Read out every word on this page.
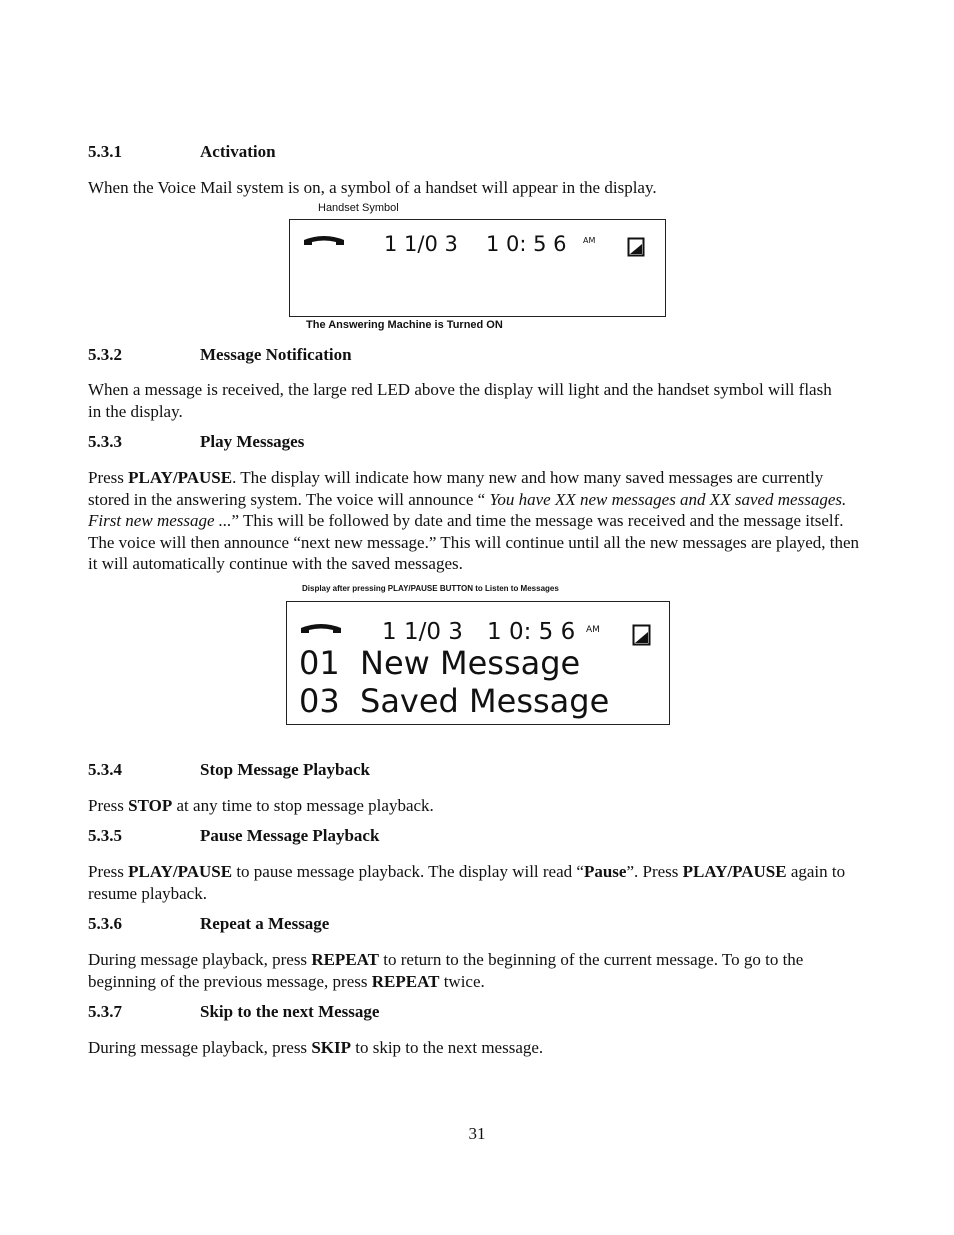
5.3.1	Activation
When the Voice Mail system is on, a symbol of a handset will appear in the display.
Handset Symbol
1 1/0 3 1 0: 5 6 AM
The Answering Machine is Turned ON
5.3.2	Message Notification
When a message is received, the large red LED above the display will light and the handset symbol will flash in the display.
5.3.3	Play Messages
Press PLAY/PAUSE. The display will indicate how many new and how many saved messages are currently stored in the answering system. The voice will announce “ You have XX new messages and XX saved messages. First new message ...” This will be followed by date and time the message was received and the message itself. The voice will then announce “next new message.” This will continue until all the new messages are played, then it will automatically continue with the saved messages.
Display after pressing PLAY/PAUSE BUTTON to Listen to Messages
1 1/0 3 1 0: 5 6 AM
01 New Message
03 Saved Message
5.3.4	Stop Message Playback
Press STOP at any time to stop message playback.
5.3.5	Pause Message Playback
Press PLAY/PAUSE to pause message playback. The display will read “Pause”. Press PLAY/PAUSE again to resume playback.
5.3.6	Repeat a Message
During message playback, press REPEAT to return to the beginning of the current message. To go to the beginning of the previous message, press REPEAT twice.
5.3.7	Skip to the next Message
During message playback, press SKIP to skip to the next message.
31
